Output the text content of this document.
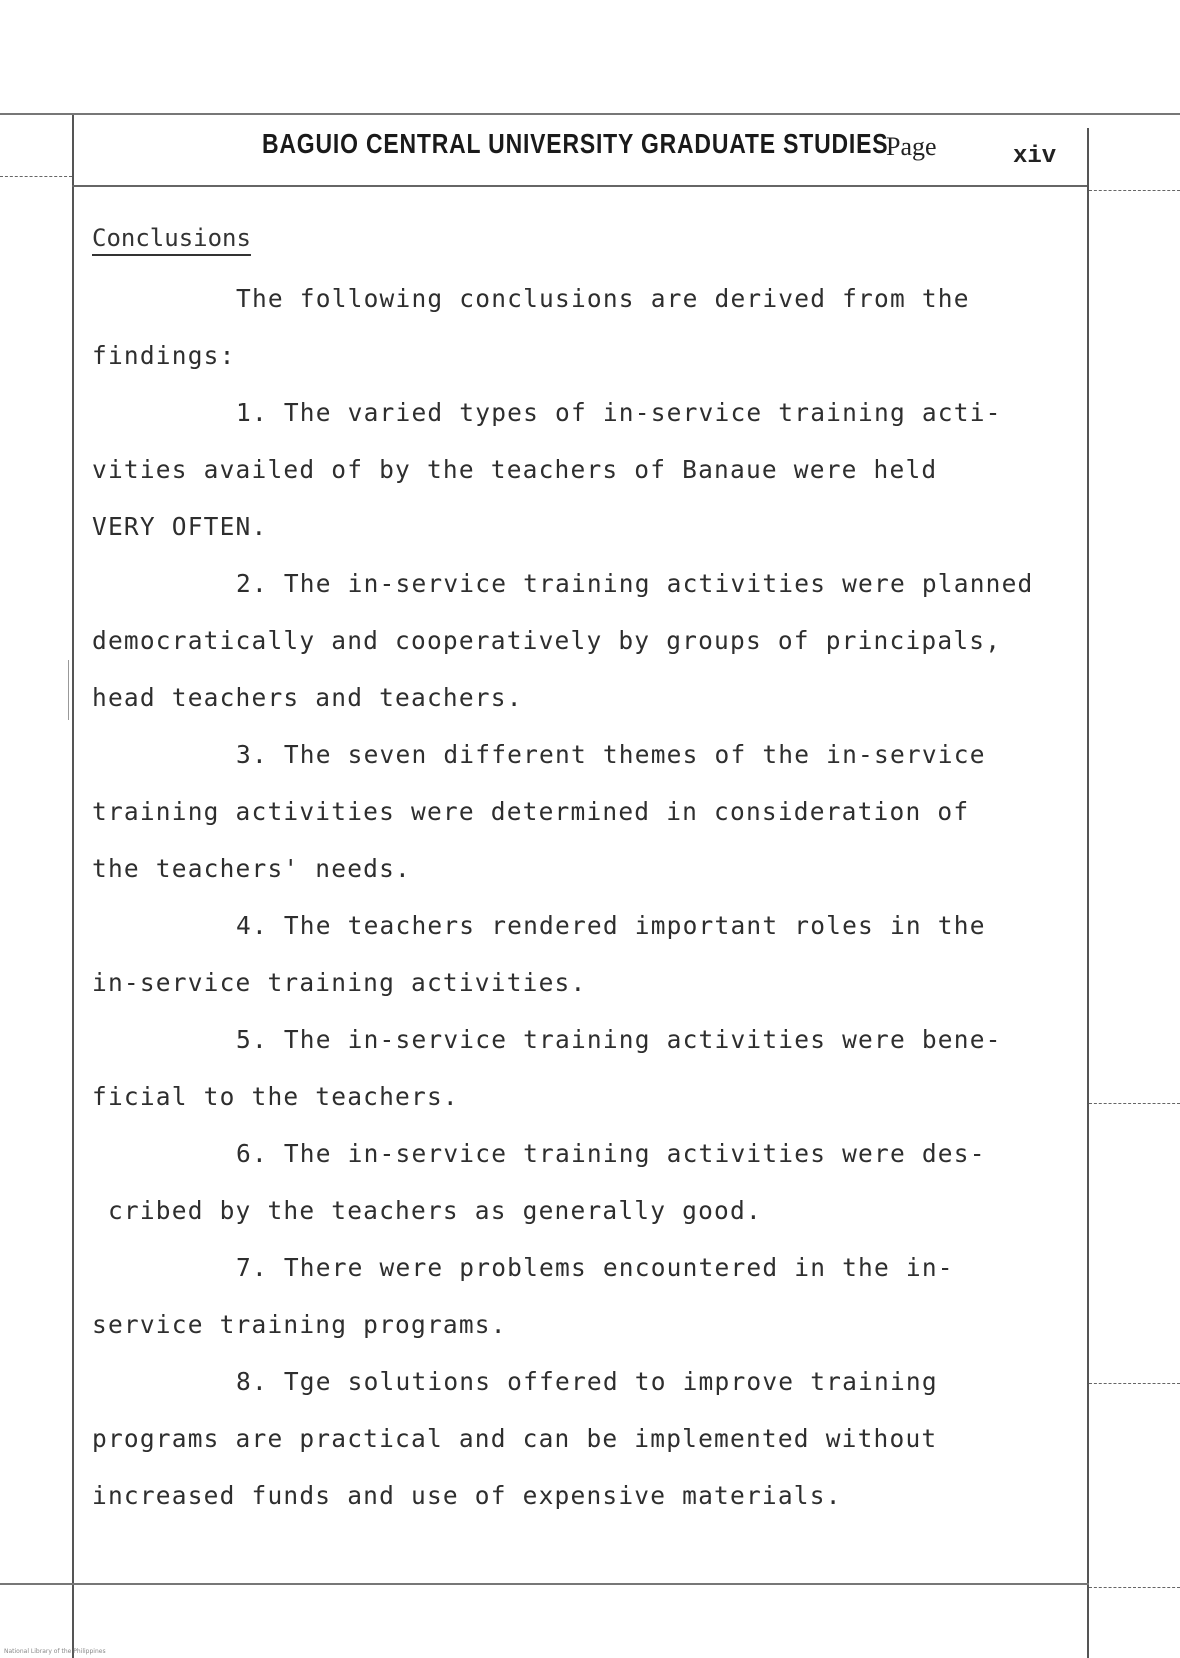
BAGUIO CENTRAL UNIVERSITY GRADUATE STUDIES
Page	xiv
Conclusions
The following conclusions are derived from the
findings:
1. The varied types of in-service training acti-
vities availed of by the teachers of Banaue were held
VERY OFTEN.
2. The in-service training activities were planned
democratically and cooperatively by groups of principals,
head teachers and teachers.
3. The seven different themes of the in-service
training activities were determined in consideration of
the teachers' needs.
4. The teachers rendered important roles in the
in-service training activities.
5. The in-service training activities were bene-
ficial to the teachers.
6. The in-service training activities were des-
cribed by the teachers as generally good.
7. There were problems encountered in the in-
service training programs.
8. Tge solutions offered to improve training
programs are practical and can be implemented without
increased funds and use of expensive materials.
National Library of the Philippines
